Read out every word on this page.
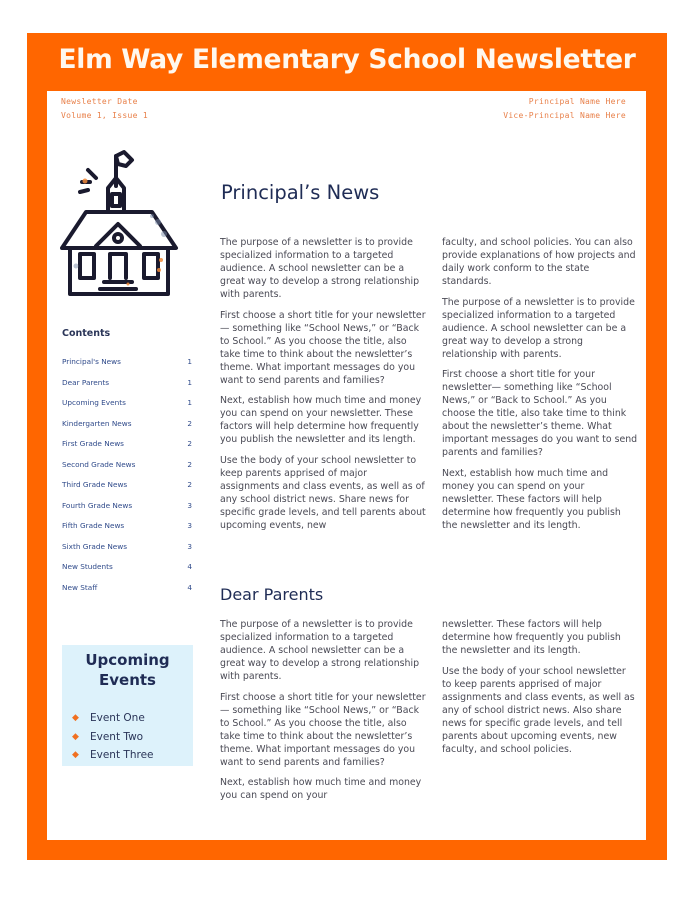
Elm Way Elementary School Newsletter
Newsletter Date
Volume 1, Issue 1
Principal Name Here
Vice-Principal Name Here
Contents
Principal's News	1
Dear Parents	1
Upcoming Events	1
Kindergarten News	2
First Grade News	2
Second Grade News	2
Third Grade News	2
Fourth Grade News	3
Fifth Grade News	3
Sixth Grade News	3
New Students	4
New Staff	4
Upcoming
Events
◆	Event One
◆	Event Two
◆	Event Three
Principal’s News

The purpose of a newsletter is to provide specialized information to a targeted audience. A school newsletter can be a great way to develop a strong relationship with parents.

First choose a short title for your newsletter— something like “School News,” or “Back to School.” As you choose the title, also take time to think about the newsletter’s theme. What important messages do you want to send parents and families?

Next, establish how much time and money you can spend on your newsletter. These factors will help determine how frequently you publish the newsletter and its length.

Use the body of your school newsletter to keep parents apprised of major assignments and class events, as well as of any school district news. Share news for specific grade levels, and tell parents about upcoming events, new

faculty, and school policies. You can also provide explanations of how projects and daily work conform to the state standards.

The purpose of a newsletter is to provide specialized information to a targeted audience. A school newsletter can be a great way to develop a strong relationship with parents.

First choose a short title for your newsletter— something like “School News,” or “Back to School.” As you choose the title, also take time to think about the newsletter’s theme. What important messages do you want to send parents and families?

Next, establish how much time and money you can spend on your newsletter. These factors will help determine how frequently you publish the newsletter and its length.

Dear Parents

The purpose of a newsletter is to provide specialized information to a targeted audience. A school newsletter can be a great way to develop a strong relationship with parents.

First choose a short title for your newsletter— something like “School News,” or “Back to School.” As you choose the title, also take time to think about the newsletter’s theme. What important messages do you want to send parents and families?

Next, establish how much time and money you can spend on your

newsletter. These factors will help determine how frequently you publish the newsletter and its length.

Use the body of your school newsletter to keep parents apprised of major assignments and class events, as well as any of school district news. Also share news for specific grade levels, and tell parents about upcoming events, new faculty, and school policies.
